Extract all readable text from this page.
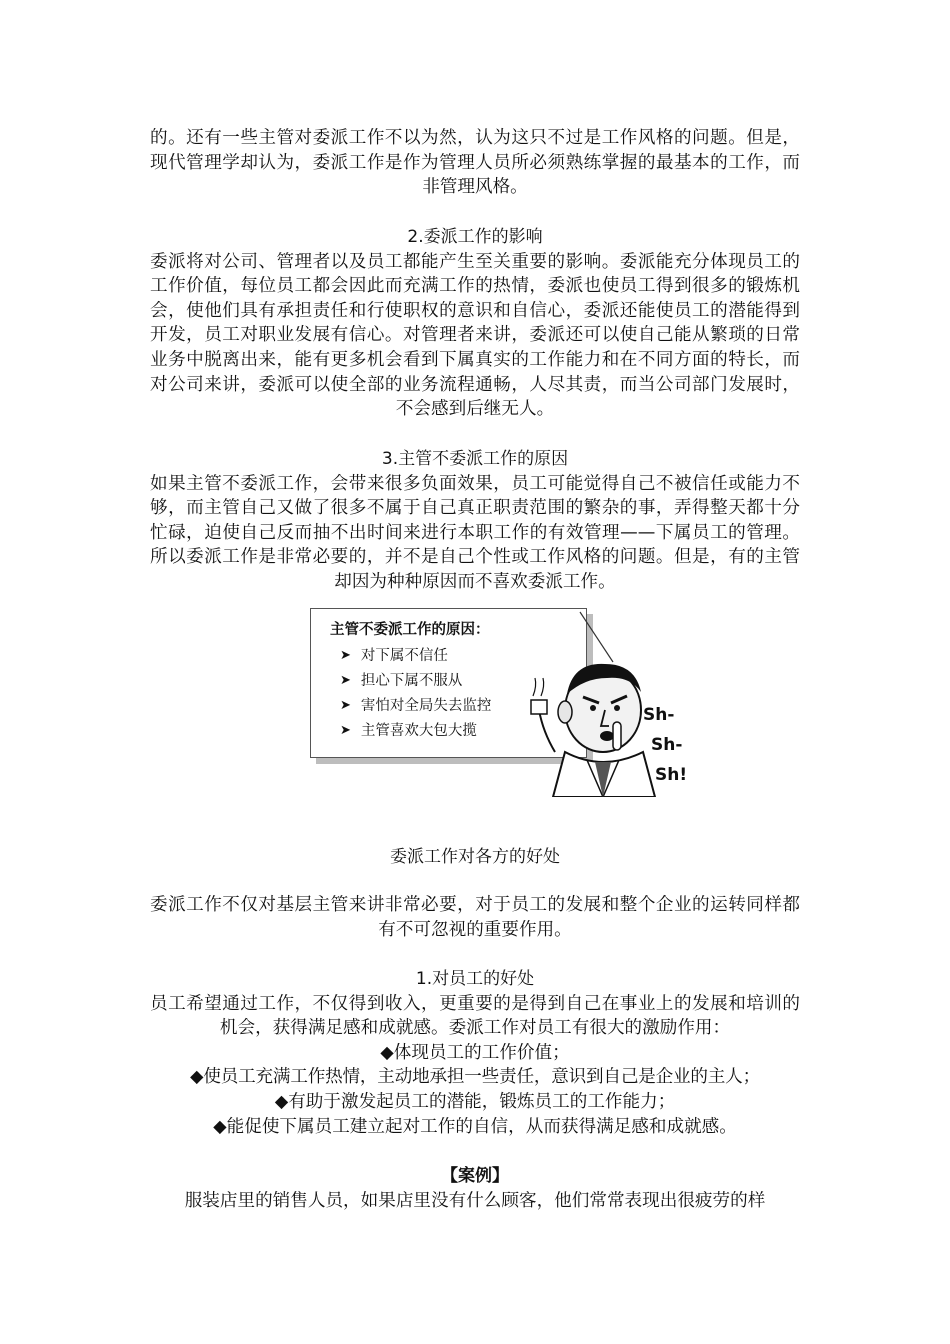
的。还有一些主管对委派工作不以为然，认为这只不过是工作风格的问题。但是，现代管理学却认为，委派工作是作为管理人员所必须熟练掌握的最基本的工作，而非管理风格。

2.委派工作的影响

委派将对公司、管理者以及员工都能产生至关重要的影响。委派能充分体现员工的工作价值，每位员工都会因此而充满工作的热情，委派也使员工得到很多的锻炼机会，使他们具有承担责任和行使职权的意识和自信心，委派还能使员工的潜能得到开发，员工对职业发展有信心。对管理者来讲，委派还可以使自己能从繁琐的日常业务中脱离出来，能有更多机会看到下属真实的工作能力和在不同方面的特长，而对公司来讲，委派可以使全部的业务流程通畅，人尽其责，而当公司部门发展时，不会感到后继无人。

3.主管不委派工作的原因

如果主管不委派工作，会带来很多负面效果，员工可能觉得自己不被信任或能力不够，而主管自己又做了很多不属于自己真正职责范围的繁杂的事，弄得整天都十分忙碌，迫使自己反而抽不出时间来进行本职工作的有效管理——下属员工的管理。所以委派工作是非常必要的，并不是自己个性或工作风格的问题。但是，有的主管却因为种种原因而不喜欢委派工作。

主管不委派工作的原因：
➤ 对下属不信任
➤ 担心下属不服从
➤ 害怕对全局失去监控
➤ 主管喜欢大包大揽
Sh-
Sh-
Sh!

委派工作对各方的好处

委派工作不仅对基层主管来讲非常必要，对于员工的发展和整个企业的运转同样都有不可忽视的重要作用。

1.对员工的好处

员工希望通过工作，不仅得到收入，更重要的是得到自己在事业上的发展和培训的机会，获得满足感和成就感。委派工作对员工有很大的激励作用：

◆体现员工的工作价值；

◆使员工充满工作热情，主动地承担一些责任，意识到自己是企业的主人；

◆有助于激发起员工的潜能，锻炼员工的工作能力；

◆能促使下属员工建立起对工作的自信，从而获得满足感和成就感。

【案例】

服装店里的销售人员，如果店里没有什么顾客，他们常常表现出很疲劳的样
